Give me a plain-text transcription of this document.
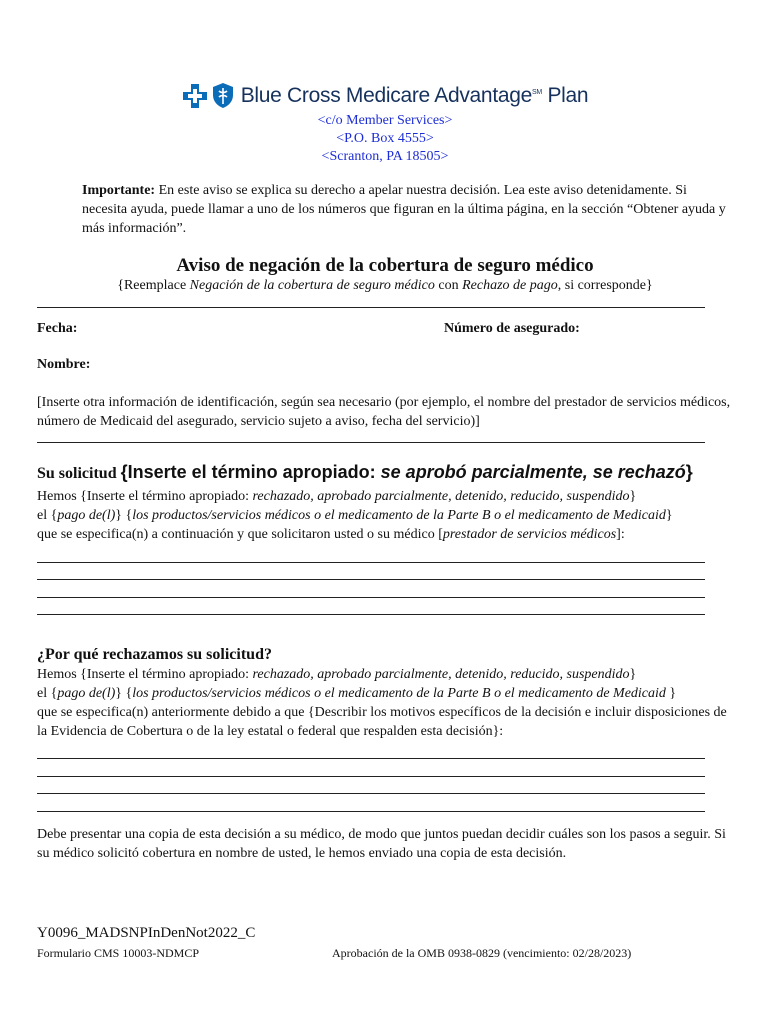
Blue Cross Medicare Advantage℠ Plan
<c/o Member Services>
<P.O. Box 4555>
<Scranton, PA 18505>
Importante: En este aviso se explica su derecho a apelar nuestra decisión. Lea este aviso detenidamente. Si necesita ayuda, puede llamar a uno de los números que figuran en la última página, en la sección “Obtener ayuda y más información”.
Aviso de negación de la cobertura de seguro médico
{Reemplace Negación de la cobertura de seguro médico con Rechazo de pago, si corresponde}
Fecha:	Número de asegurado:
Nombre:
[Inserte otra información de identificación, según sea necesario (por ejemplo, el nombre del prestador de servicios médicos, número de Medicaid del asegurado, servicio sujeto a aviso, fecha del servicio)]
Su solicitud {Inserte el término apropiado: se aprobó parcialmente, se rechazó}
Hemos {Inserte el término apropiado: rechazado, aprobado parcialmente, detenido, reducido, suspendido}
el {pago de(l)} {los productos/servicios médicos o el medicamento de la Parte B o el medicamento de Medicaid}
que se especifica(n) a continuación y que solicitaron usted o su médico [prestador de servicios médicos]:
¿Por qué rechazamos su solicitud?
Hemos {Inserte el término apropiado: rechazado, aprobado parcialmente, detenido, reducido, suspendido}
el {pago de(l)} {los productos/servicios médicos o el medicamento de la Parte B o el medicamento de Medicaid }
que se especifica(n) anteriormente debido a que {Describir los motivos específicos de la decisión e incluir disposiciones de la Evidencia de Cobertura o de la ley estatal o federal que respalden esta decisión}:
Debe presentar una copia de esta decisión a su médico, de modo que juntos puedan decidir cuáles son los pasos a seguir. Si su médico solicitó cobertura en nombre de usted, le hemos enviado una copia de esta decisión.
Y0096_MADSNPInDenNot2022_C
Formulario CMS 10003-NDMCP	Aprobación de la OMB 0938-0829 (vencimiento: 02/28/2023)
